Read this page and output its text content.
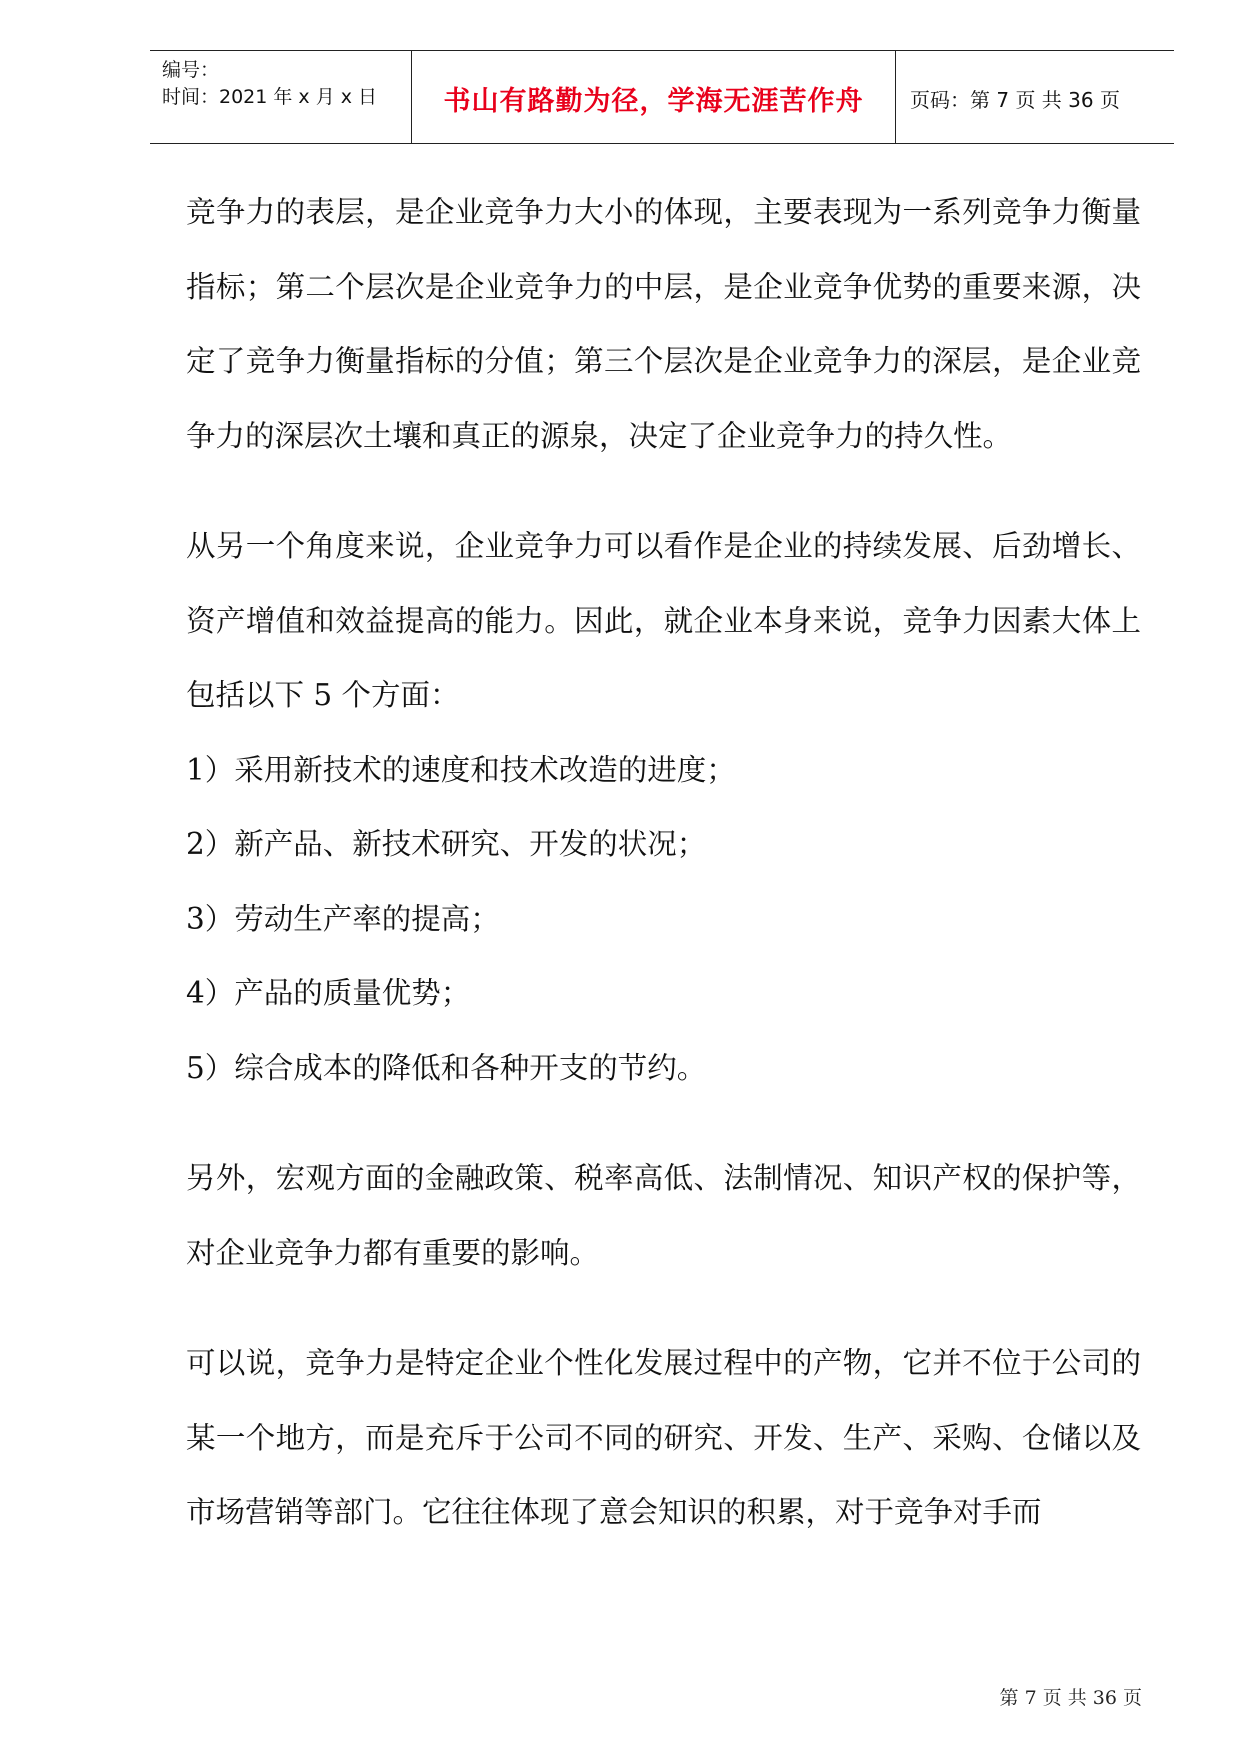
编号：
时间：2021 年 x 月 x 日	书山有路勤为径，学海无涯苦作舟	页码：第 7 页 共 36 页

竞争力的表层，是企业竞争力大小的体现，主要表现为一系列竞争力衡量指标；第二个层次是企业竞争力的中层，是企业竞争优势的重要来源，决定了竞争力衡量指标的分值；第三个层次是企业竞争力的深层，是企业竞争力的深层次土壤和真正的源泉，决定了企业竞争力的持久性。

从另一个角度来说，企业竞争力可以看作是企业的持续发展、后劲增长、资产增值和效益提高的能力。因此，就企业本身来说，竞争力因素大体上包括以下 5 个方面：

1）采用新技术的速度和技术改造的进度；

2）新产品、新技术研究、开发的状况；

3）劳动生产率的提高；

4）产品的质量优势；

5）综合成本的降低和各种开支的节约。

另外，宏观方面的金融政策、税率高低、法制情况、知识产权的保护等，对企业竞争力都有重要的影响。

可以说，竞争力是特定企业个性化发展过程中的产物，它并不位于公司的某一个地方，而是充斥于公司不同的研究、开发、生产、采购、仓储以及市场营销等部门。它往往体现了意会知识的积累，对于竞争对手而

第 7 页 共 36 页
